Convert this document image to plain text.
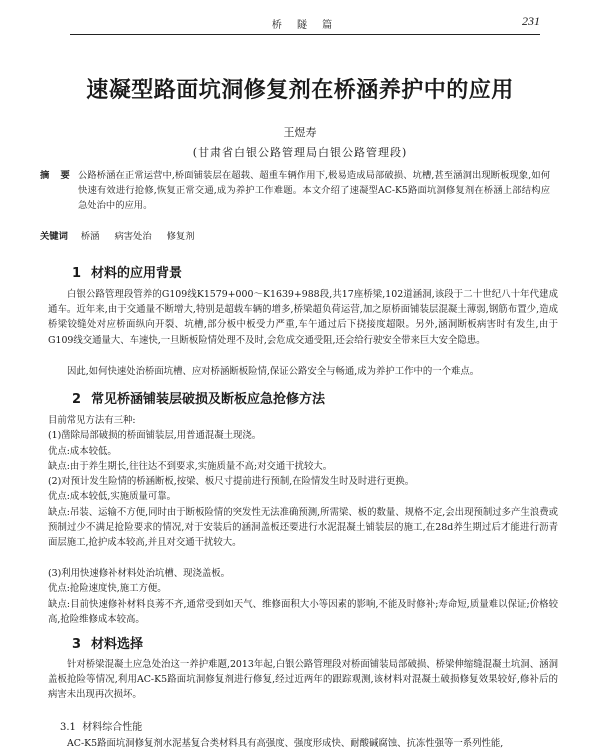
桥 隧 篇	231
速凝型路面坑洞修复剂在桥涵养护中的应用
王煜寿
(甘肃省白银公路管理局白银公路管理段)
摘 要 公路桥涵在正常运营中,桥面铺装层在超载、超重车辆作用下,极易造成局部破损、坑槽,甚至涵洞出现断板现象,如何快速有效进行抢修,恢复正常交通,成为养护工作难题。本文介绍了速凝型AC-K5路面坑洞修复剂在桥涵上部结构应急处治中的应用。
关键词 桥涵 病害处治 修复剂
1 材料的应用背景
白银公路管理段管养的G109线K1579+000～K1639+988段,共17座桥梁,102道涵洞,该段于二十世纪八十年代建成通车。近年来,由于交通量不断增大,特别是超载车辆的增多,桥梁超负荷运营,加之原桥面铺装层混凝土薄弱,钢筋布置少,造成桥梁铰缝处对应桥面纵向开裂、坑槽,部分板中板受力严重,车午通过后下挠接度超限。另外,涵洞断板病害时有发生,由于G109线交通量大、车速快,一旦断板险情处理不及时,会危成交通受阻,还会给行驶安全带来巨大安全隐患。
因此,如何快速处治桥面坑槽、应对桥涵断板险情,保证公路安全与畅通,成为养护工作中的一个难点。
2 常见桥涵铺装层破损及断板应急抢修方法
目前常见方法有三种:
(1)凿除局部破损的桥面铺装层,用普通混凝土现浇。
优点:成本较低。
缺点:由于养生期长,往往达不到要求,实施质量不高;对交通干扰较大。
(2)对预计发生险情的桥涵断板,按梁、板尺寸提前进行预制,在险情发生时及时进行更换。
优点:成本较低,实施质量可靠。
缺点:吊装、运输不方便,同时由于断板险情的突发性无法准确预测,所需梁、板的数量、规格不定,会出现预制过多产生浪费或预制过少不满足抢险要求的情况,对于安装后的涵洞盖板还要进行水泥混凝土铺装层的施工,在28d养生期过后才能进行沥青面层施工,抢护成本较高,并且对交通干扰较大。
(3)利用快速修补材料处治坑槽、现浇盖板。
优点:抢险速度快,施工方便。
缺点:目前快速修补材料良莠不齐,通常受到如天气、维修面积大小等因素的影响,不能及时修补;寿命短,质量难以保证;价格较高,抢险维修成本较高。
3 材料选择
针对桥梁混凝土应急处治这一养护难题,2013年起,白银公路管理段对桥面铺装局部破损、桥梁伸缩缝混凝土坑洞、涵洞盖板抢险等情况,利用AC-K5路面坑洞修复剂进行修复,经过近两年的跟踪观测,该材料对混凝土破损修复效果较好,修补后的病害未出现再次损坏。
3.1 材料综合性能
AC-K5路面坑洞修复剂水泥基复合类材料具有高强度、强度形成快、耐酸碱腐蚀、抗冻性强等一系列性能,
